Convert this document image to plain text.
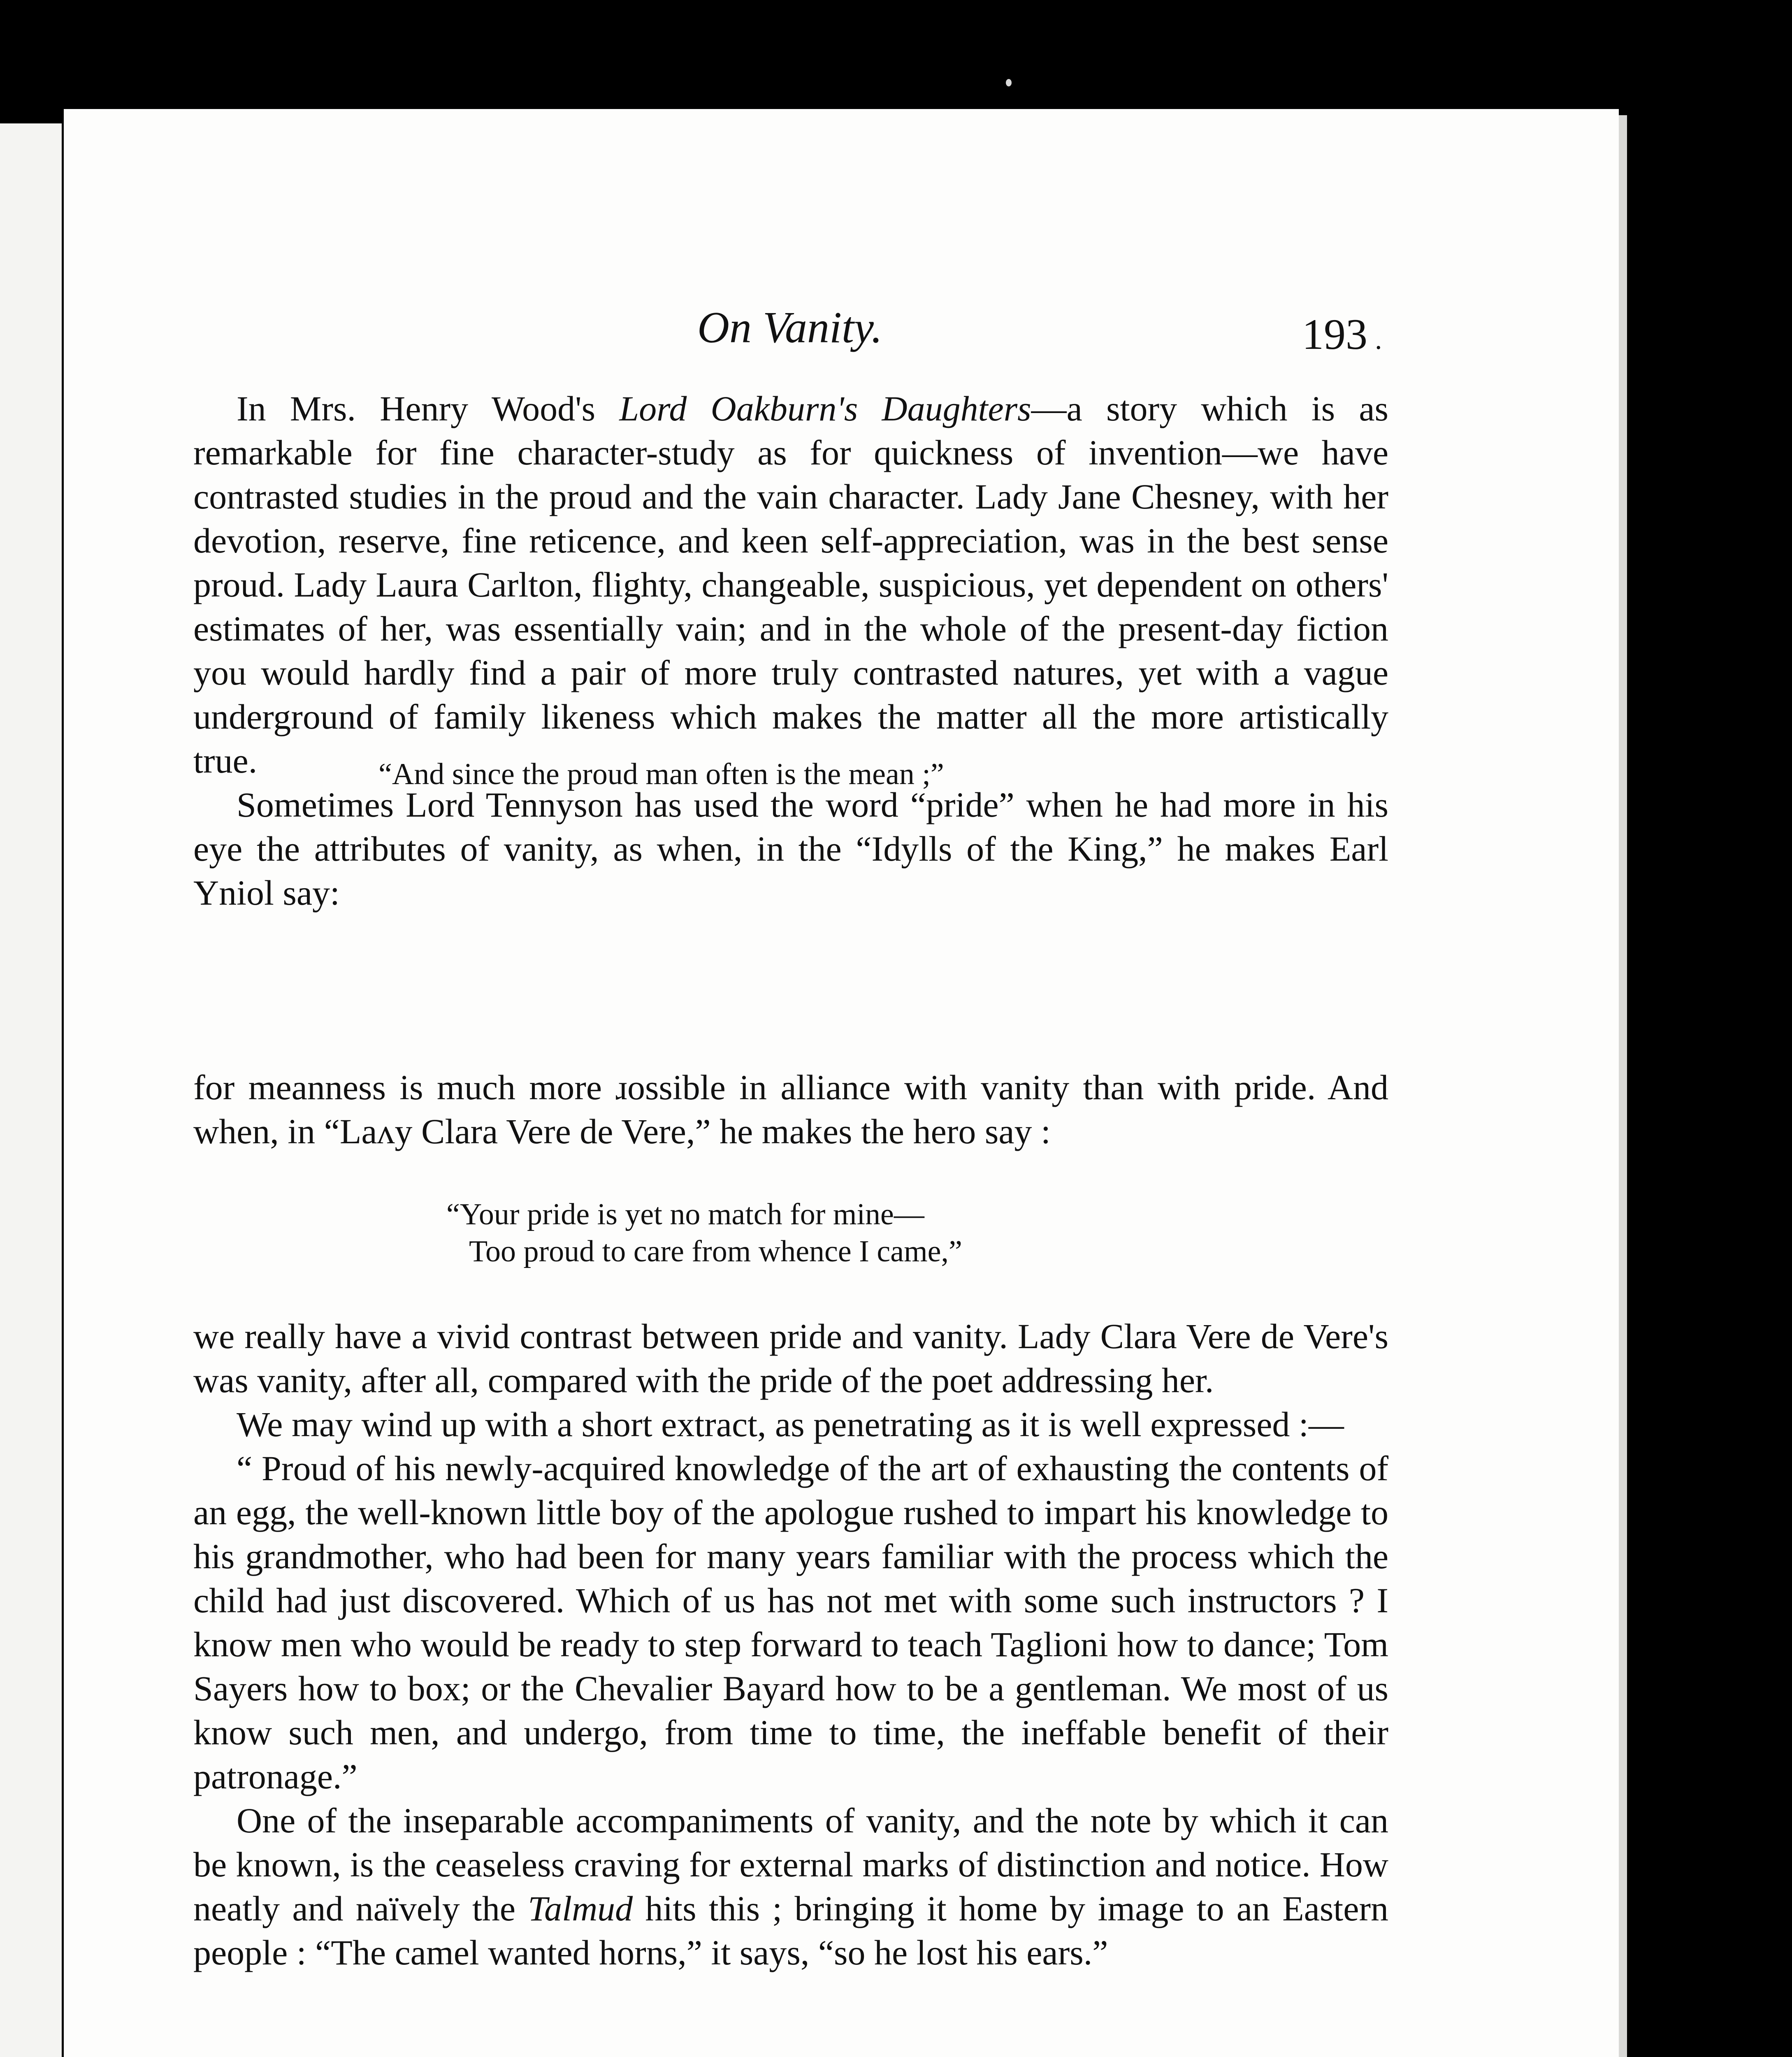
On Vanity.	193 .

In Mrs. Henry Wood's Lord Oakburn's Daughters—a story which is as remarkable for fine character-study as for quickness of invention—we have contrasted studies in the proud and the vain character. Lady Jane Chesney, with her devotion, reserve, fine reticence, and keen self-appreciation, was in the best sense proud. Lady Laura Carlton, flighty, changeable, suspicious, yet dependent on others' estimates of her, was essentially vain; and in the whole of the present-day fiction you would hardly find a pair of more truly contrasted natures, yet with a vague underground of family likeness which makes the matter all the more artistically true.

Sometimes Lord Tennyson has used the word “pride” when he had more in his eye the attributes of vanity, as when, in the “Idylls of the King,” he makes Earl Yniol say:

“And since the proud man often is the mean ;”

for meanness is much more ɹossible in alliance with vanity than with pride. And when, in “Laʌy Clara Vere de Vere,” he makes the hero say :

“Your pride is yet no match for mine—
Too proud to care from whence I came,”

we really have a vivid contrast between pride and vanity. Lady Clara Vere de Vere's was vanity, after all, compared with the pride of the poet addressing her.

We may wind up with a short extract, as penetrating as it is well expressed :—

“ Proud of his newly-acquired knowledge of the art of exhausting the contents of an egg, the well-known little boy of the apologue rushed to impart his knowledge to his grandmother, who had been for many years familiar with the process which the child had just discovered. Which of us has not met with some such instructors ? I know men who would be ready to step forward to teach Taglioni how to dance; Tom Sayers how to box; or the Chevalier Bayard how to be a gentleman. We most of us know such men, and undergo, from time to time, the ineffable benefit of their patronage.”

One of the inseparable accompaniments of vanity, and the note by which it can be known, is the ceaseless craving for external marks of distinction and notice. How neatly and naïvely the Talmud hits this ; bringing it home by image to an Eastern people : “The camel wanted horns,” it says, “so he lost his ears.”
